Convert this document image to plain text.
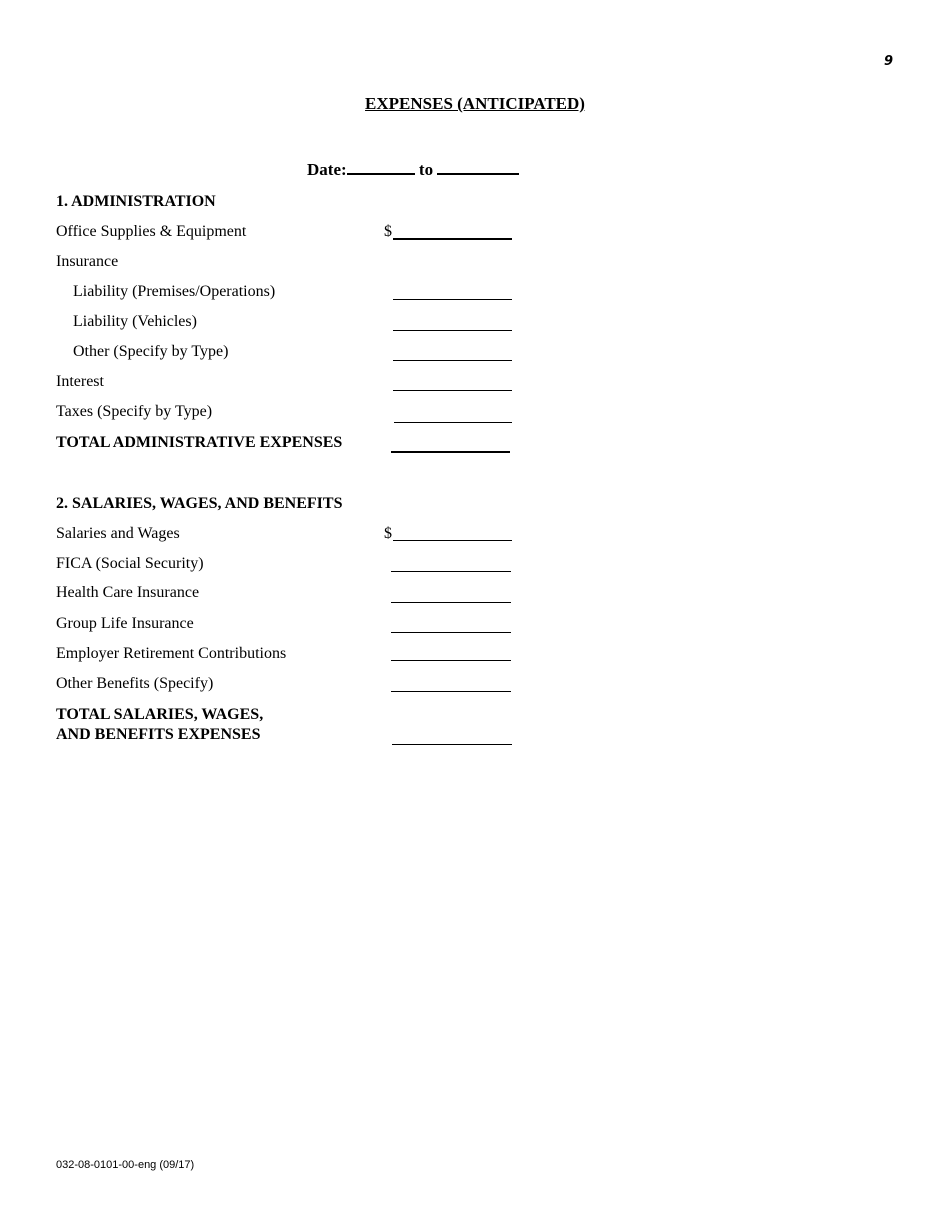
9
EXPENSES (ANTICIPATED)
Date:	to
1. ADMINISTRATION
Office Supplies & Equipment	$
Insurance
Liability (Premises/Operations)
Liability (Vehicles)
Other (Specify by Type)
Interest
Taxes (Specify by Type)
TOTAL ADMINISTRATIVE EXPENSES
2. SALARIES, WAGES, AND BENEFITS
Salaries and Wages	$
FICA (Social Security)
Health Care Insurance
Group Life Insurance
Employer Retirement Contributions
Other Benefits (Specify)
TOTAL SALARIES, WAGES,
AND BENEFITS EXPENSES
032-08-0101-00-eng (09/17)
